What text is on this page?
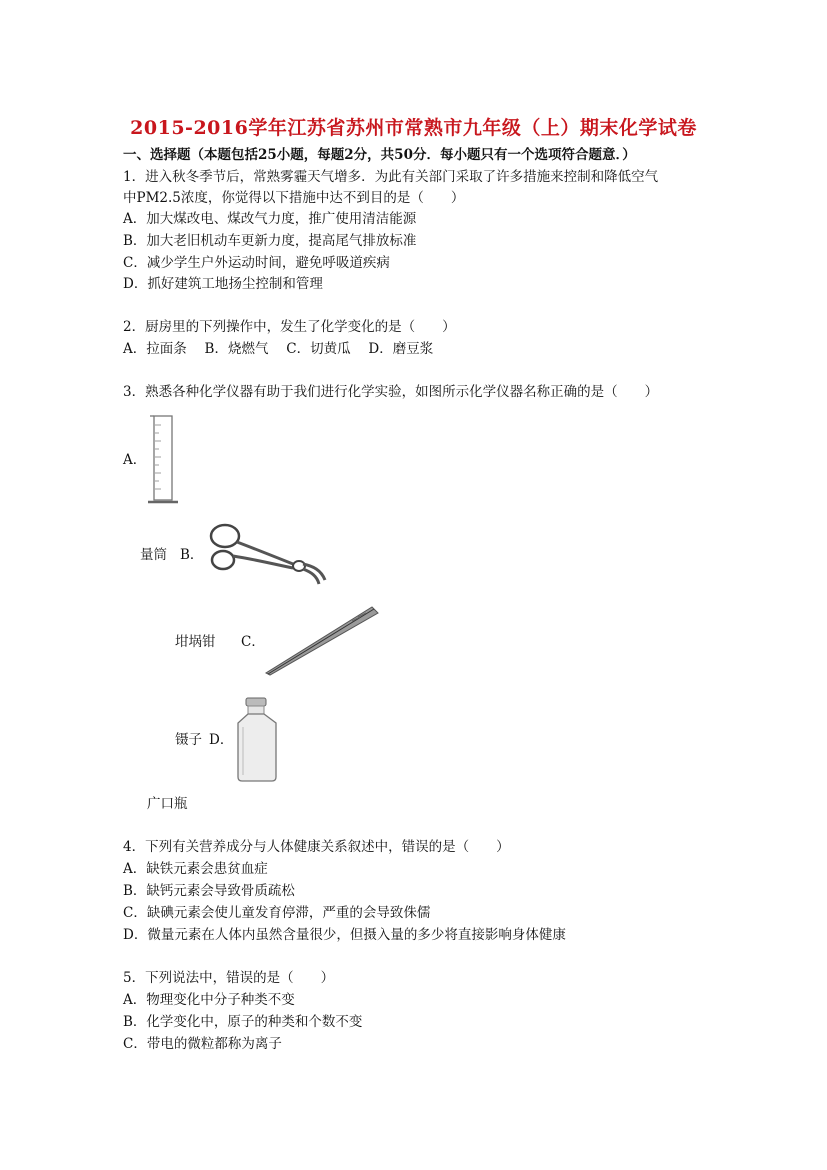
2015-2016学年江苏省苏州市常熟市九年级（上）期末化学试卷
一、选择题（本题包括25小题，每题2分，共50分．每小题只有一个选项符合题意．）
1．进入秋冬季节后，常熟雾霾天气增多．为此有关部门采取了许多措施来控制和降低空气
中PM2.5浓度，你觉得以下措施中达不到目的是（　　）
A．加大煤改电、煤改气力度，推广使用清洁能源
B．加大老旧机动车更新力度，提高尾气排放标准
C．减少学生户外运动时间，避免呼吸道疾病
D．抓好建筑工地扬尘控制和管理
2．厨房里的下列操作中，发生了化学变化的是（　　）
A．拉面条　 B．烧燃气　 C．切黄瓜　 D．磨豆浆
3．熟悉各种化学仪器有助于我们进行化学实验，如图所示化学仪器名称正确的是（　　）
A．
量筒 B．
坩埚钳 C．
镊子 D．
广口瓶
4．下列有关营养成分与人体健康关系叙述中，错误的是（　　）
A．缺铁元素会患贫血症
B．缺钙元素会导致骨质疏松
C．缺碘元素会使儿童发育停滞，严重的会导致侏儒
D．微量元素在人体内虽然含量很少，但摄入量的多少将直接影响身体健康
5．下列说法中，错误的是（　　）
A．物理变化中分子种类不变
B．化学变化中，原子的种类和个数不变
C．带电的微粒都称为离子
